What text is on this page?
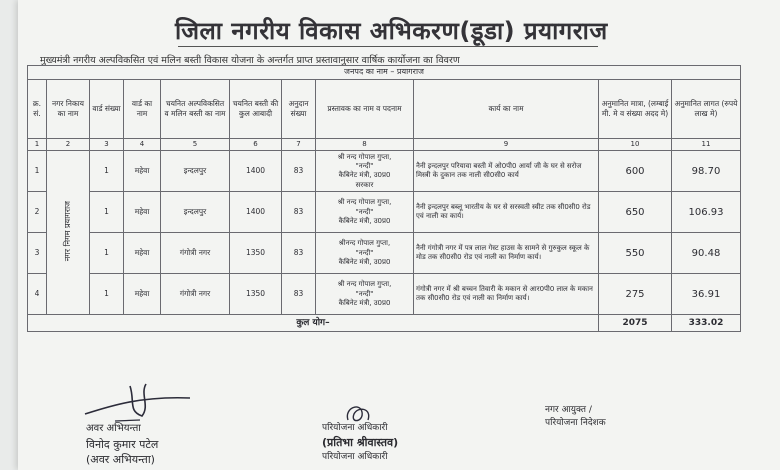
जिला नगरीय विकास अभिकरण(डूडा) प्रयागराज
मुख्यमंत्री नगरीय अल्पविकसित एवं मलिन बस्ती विकास योजना के अन्तर्गत प्राप्त प्रस्तावानुसार वार्षिक कार्योजना का विवरण
जनपद का नाम – प्रयागराज										
क्र. सं.	नगर निकाय का नाम	वार्ड संख्या	वार्ड का नाम	चयनित अल्पविकसित व मलिन बस्ती का नाम	चयनित बस्ती की कुल आबादी	अनुदान संख्या	प्रस्तावक का नाम व पदनाम	कार्य का नाम	अनुमानित मात्रा, (लम्बाई मी. मे व संख्या अदद मे)	अनुमानित लागत (रुपये लाख मे)
1	2	3	4	5	6	7	8	9	10	11
1	नगर निगम प्रयागराज	1	महेवा	इन्दलपुर	1400	83	श्री नन्द गोपाल गुप्ता,
"नन्दी"
कैबिनेट मंत्री, उ0प्र0
सरकार	नैनी इन्दलपुर परियावा बस्ती में ओ0पी0 आर्या जी के घर से सरोज मिस्त्री के दुकान तक नाली सी0सी0 कार्य	600	98.70
2		1	महेवा	इन्दलपुर	1400	83	श्री नन्द गोपाल गुप्ता,
"नन्दी"
कैबिनेट मंत्री, उ0प्र0	नैनी इन्दलपुर बब्लू भारतीय के घर से सरस्वती स्वीट तक सी0सी0 रोड एवं नाली का कार्य।	650	106.93
3		1	महेवा	गंगोत्री नगर	1350	83	श्रीनन्द गोपाल गुप्ता,
"नन्दी"
कैबिनेट मंत्री, उ0प्र0	नैनी गंगोत्री नगर में पत्र लाल गेस्ट हाउस के सामने से गुरुकुल स्कूल के मोड तक सी0सी0 रोड एवं नाली का निर्माण कार्य।	550	90.48
4		1	महेवा	गंगोत्री नगर	1350	83	श्री नन्द गोपाल गुप्ता,
"नन्दी"
कैबिनेट मंत्री, उ0प्र0	गंगोत्री नगर में श्री बच्चन तिवारी के मकान से आर0पी0 लाल के मकान तक सी0सी0 रोड एवं नाली का निर्माण कार्य।	275	36.91
कुल योग–									2075	333.02
अवर अभियन्ता
विनोद कुमार पटेल
(अवर अभियन्ता)
परियोजना अधिकारी
(प्रतिभा श्रीवास्तव)
परियोजना अधिकारी
नगर आयुक्त /
परियोजना निदेशक
